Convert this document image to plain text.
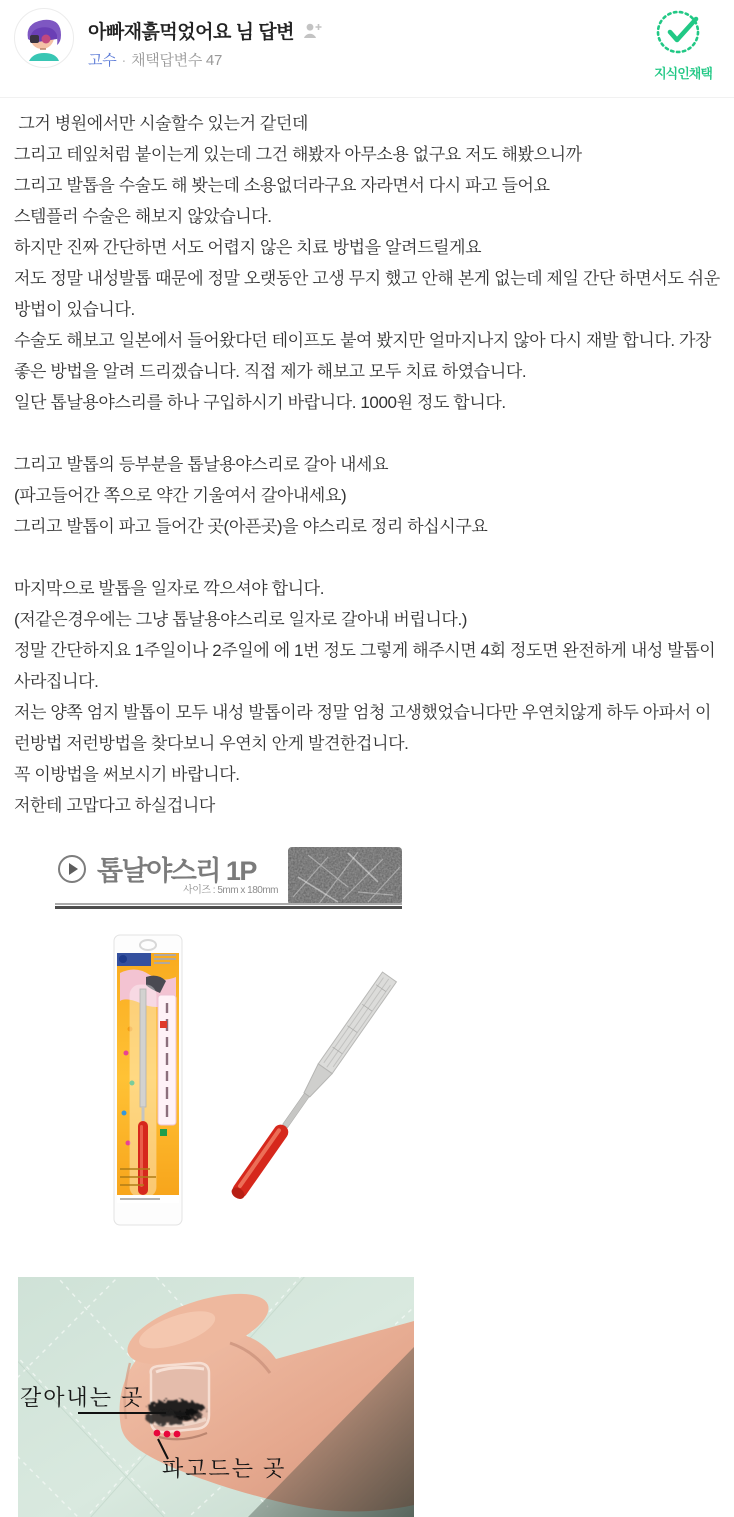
아빠재흙먹었어요 님 답변
고수 · 채택답변수 47
지식인채택
그거 병원에서만 시술할수 있는거 같던데
그리고 테잎처럼 붙이는게 있는데 그건 해봤자 아무소용 없구요 저도 해봤으니까
그리고 발톱을 수술도 해 봣는데 소용없더라구요 자라면서 다시 파고 들어요
스템플러 수술은 해보지 않았습니다.
하지만 진짜 간단하면 서도 어렵지 않은 치료 방법을 알려드릴게요
저도 정말 내성발톱 때문에 정말 오랫동안 고생 무지 했고 안해 본게 없는데 제일 간단 하면서도 쉬운 방법이 있습니다.
수술도 해보고 일본에서 들어왔다던 테이프도 붙여 봤지만 얼마지나지 않아 다시 재발 합니다. 가장 좋은 방법을 알려 드리겠습니다. 직접 제가 해보고 모두 치료 하였습니다.
일단 톱날용야스리를 하나 구입하시기 바랍니다. 1000원 정도 합니다.
그리고 발톱의 등부분을 톱날용야스리로 갈아 내세요
(파고들어간 쪽으로 약간 기울여서 갈아내세요)
그리고 발톱이 파고 들어간 곳(아픈곳)을 야스리로 정리 하십시구요
마지막으로 발톱을 일자로 깍으셔야 합니다.
(저같은경우에는 그냥 톱날용야스리로 일자로 갈아내 버립니다.)
정말 간단하지요 1주일이나 2주일에 에 1번 정도 그렇게 해주시면 4회 정도면 완전하게 내성 발톱이 사라집니다.
저는 양쪽 엄지 발톱이 모두 내성 발톱이라 정말 엄청 고생했었습니다만 우연치않게 하두 아파서 이런방법 저런방법을 찾다보니 우연치 안게 발견한겁니다.
꼭 이방법을 써보시기 바랍니다.
저한테 고맙다고 하실겁니다
톱날야스리 1P
사이즈 : 5mm x 180mm
갈아내는 곳
파고드는 곳
